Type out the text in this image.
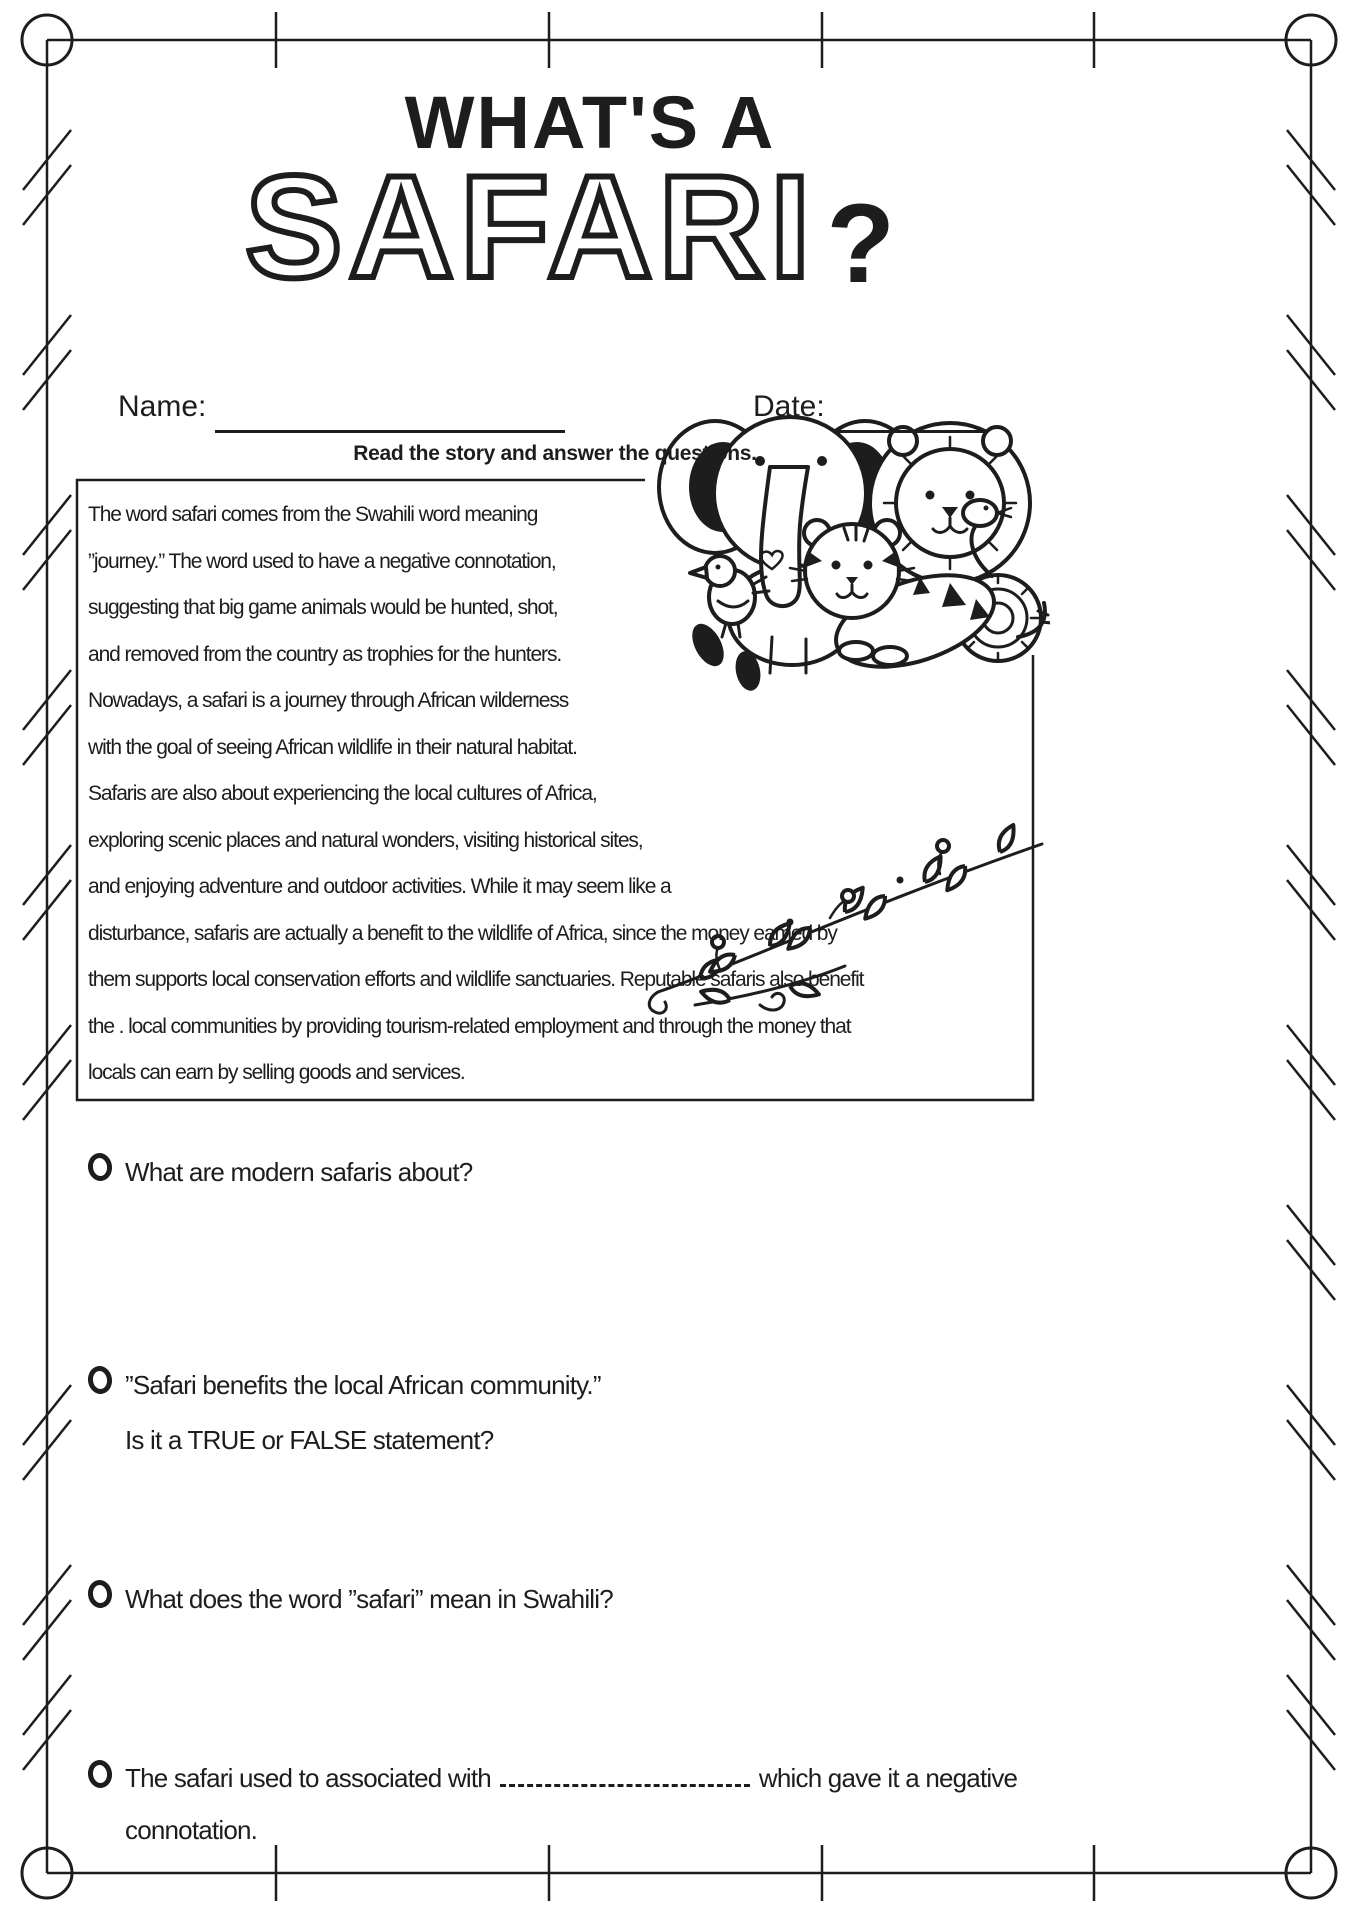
WHAT'S A
SAFARI ?
Name:	Date:
Read the story and answer the questions.
The word safari comes from the Swahili word meaning
”journey.” The word used to have a negative connotation,
suggesting that big game animals would be hunted, shot,
and removed from the country as trophies for the hunters.
Nowadays, a safari is a journey through African wilderness
with the goal of seeing African wildlife in their natural habitat.
Safaris are also about experiencing the local cultures of Africa,
exploring scenic places and natural wonders, visiting historical sites,
and enjoying adventure and outdoor activities. While it may seem like a
disturbance, safaris are actually a benefit to the wildlife of Africa, since the money eamed by
them supports local conservation efforts and wildlife sanctuaries. Reputable safaris also benefit
the . local communities by providing tourism-related employment and through the money that
locals can earn by selling goods and services.
What are modern safaris about?
”Safari benefits the local African community.”
Is it a TRUE or FALSE statement?
What does the word ”safari” mean in Swahili?
The safari used to associated with	which gave it a negative
connotation.
